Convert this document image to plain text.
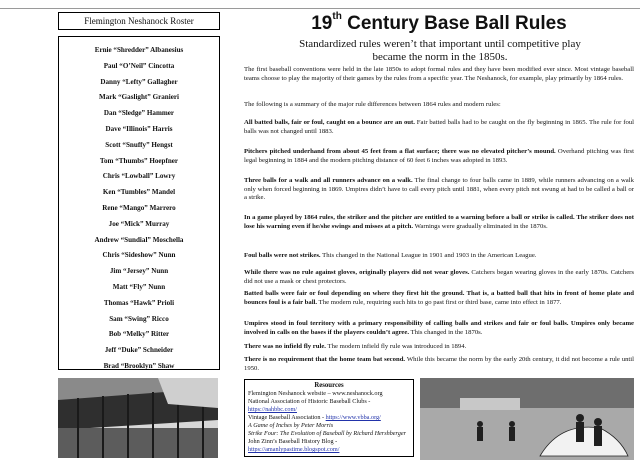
Flemington Neshanock Roster
Ernie “Shredder” Albanesius
Paul “O’Neil” Cincotta
Danny “Lefty” Gallagher
Mark “Gaslight” Granieri
Dan “Sledge” Hammer
Dave “Illinois” Harris
Scott “Snuffy” Hengst
Tom “Thumbs” Hoepfner
Chris “Lowball” Lowry
Ken “Tumbles” Mandel
Rene “Mango” Marrero
Joe “Mick” Murray
Andrew “Sundial” Moschella
Chris “Sideshow” Nunn
Jim “Jersey” Nunn
Matt “Fly” Nunn
Thomas “Hawk” Prioli
Sam “Swing” Ricco
Bob “Melky” Ritter
Jeff “Duke” Schneider
Brad “Brooklyn” Shaw
19th Century Base Ball Rules
Standardized rules weren’t that important until competitive play became the norm in the 1850s.
The first baseball conventions were held in the late 1850s to adopt formal rules and they have been modified ever since. Most vintage baseball teams choose to play the majority of their games by the rules from a specific year. The Neshanock, for example, play primarily by 1864 rules.
The following is a summary of the major rule differences between 1864 rules and modern rules:
All batted balls, fair or foul, caught on a bounce are an out. Fair batted balls had to be caught on the fly beginning in 1865. The rule for foul balls was not changed until 1883.
Pitchers pitched underhand from about 45 feet from a flat surface; there was no elevated pitcher’s mound. Overhand pitching was first legal beginning in 1884 and the modern pitching distance of 60 feet 6 inches was adopted in 1893.
Three balls for a walk and all runners advance on a walk. The final change to four balls came in 1889, while runners advancing on a walk only when forced beginning in 1869. Umpires didn’t have to call every pitch until 1881, when every pitch not swung at had to be called a ball or a strike.
In a game played by 1864 rules, the striker and the pitcher are entitled to a warning before a ball or strike is called. The striker does not lose his warning even if he/she swings and misses at a pitch. Warnings were gradually eliminated in the 1870s.
Foul balls were not strikes. This changed in the National League in 1901 and 1903 in the American League.
While there was no rule against gloves, originally players did not wear gloves. Catchers began wearing gloves in the early 1870s. Catchers did not use a mask or chest protectors.
Batted balls were fair or foul depending on where they first hit the ground. That is, a batted ball that hits in front of home plate and bounces foul is a fair ball. The modern rule, requiring such hits to go past first or third base, came into effect in 1877.
Umpires stood in foul territory with a primary responsibility of calling balls and strikes and fair or foul balls. Umpires only became involved in calls on the bases if the players couldn’t agree. This changed in the 1870s.
There was no infield fly rule. The modern infield fly rule was introduced in 1894.
There is no requirement that the home team bat second. While this became the norm by the early 20th century, it did not become a rule until 1950.
Resources
Flemington Neshanock website – www.neshanock.org
National Association of Historic Baseball Clubs - https://nahbbc.com/
Vintage Baseball Association - https://www.vbba.org/
A Game of Inches by Peter Morris
Strike Four: The Evolution of Baseball by Richard Hershberger
John Zinn’s Baseball History Blog - https://amanlypastime.blogspot.com/
